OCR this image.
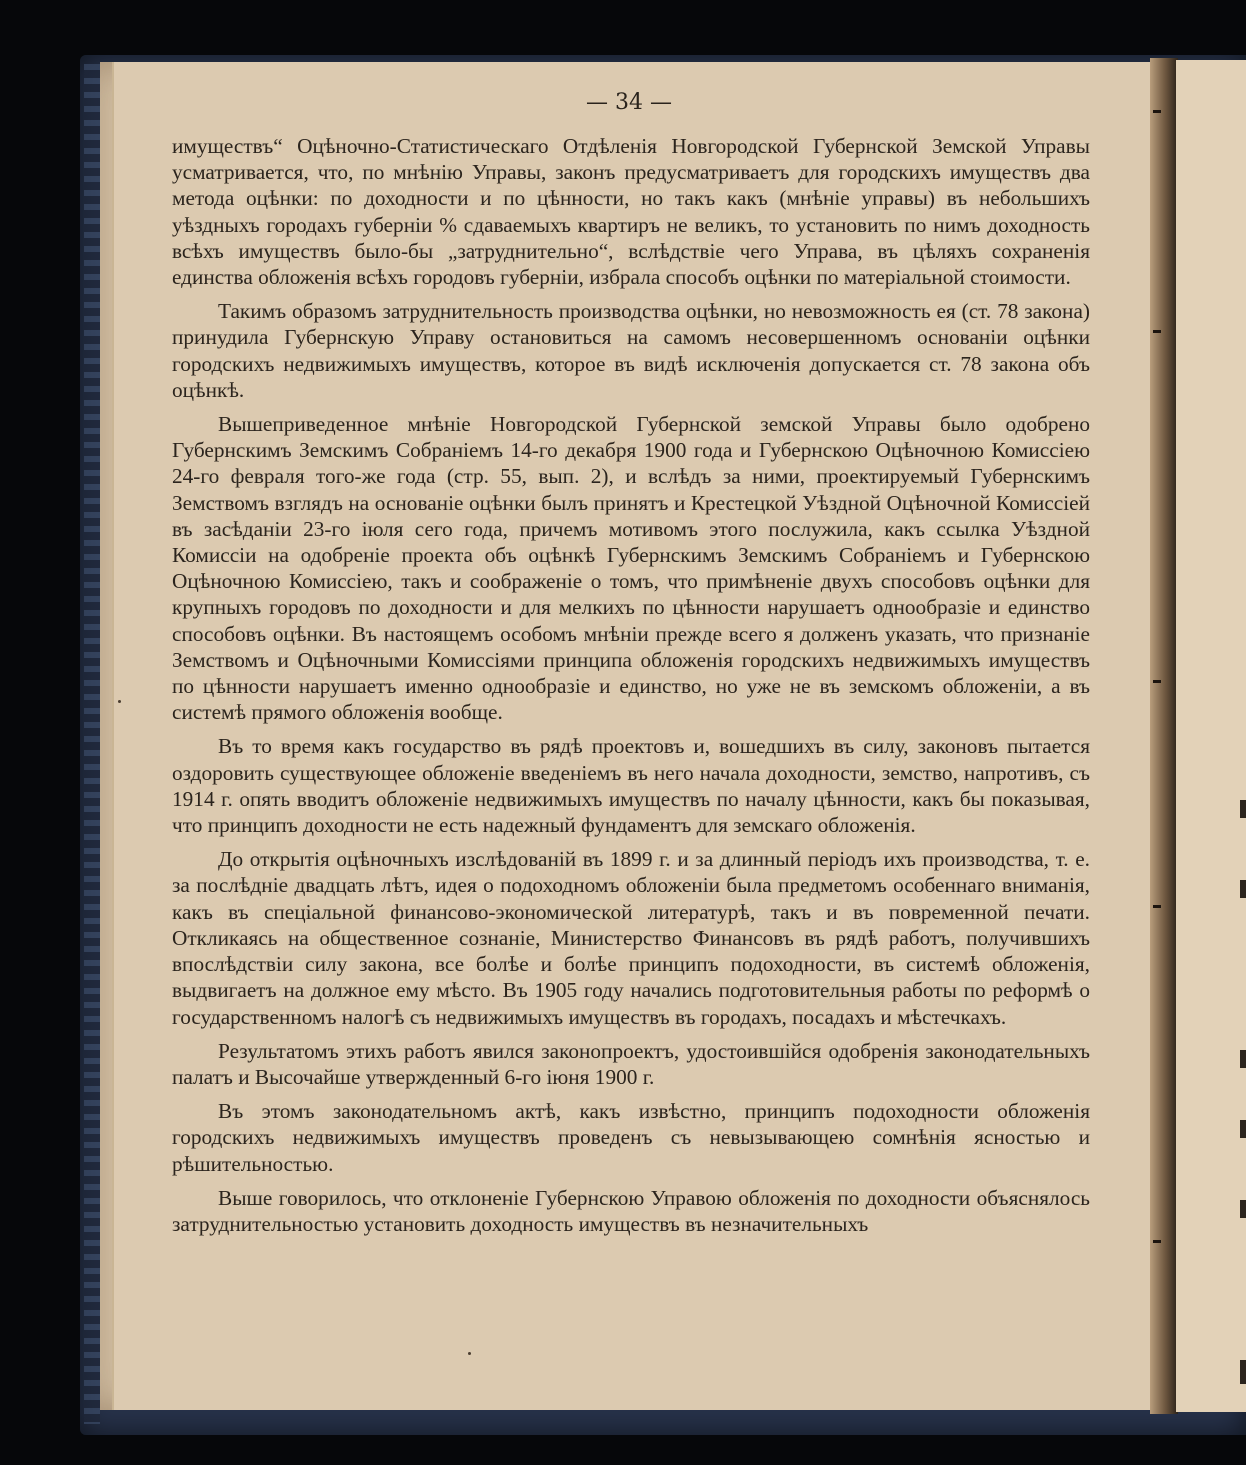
— 34 —

имуществъ“ Оцѣночно-Статистическаго Отдѣленія Новгородской Губернской Земской Управы усматривается, что, по мнѣнію Управы, законъ предусматриваетъ для городскихъ имуществъ два метода оцѣнки: по доходности и по цѣнности, но такъ какъ (мнѣніе управы) въ небольшихъ уѣздныхъ городахъ губерніи % сдаваемыхъ квартиръ не великъ, то установить по нимъ доходность всѣхъ имуществъ было-бы „затруднительно“, вслѣдствіе чего Управа, въ цѣляхъ сохраненія единства обложенія всѣхъ городовъ губерніи, избрала способъ оцѣнки по матеріальной стоимости.

Такимъ образомъ затруднительность производства оцѣнки, но невозможность ея (ст. 78 закона) принудила Губернскую Управу остановиться на самомъ несовершенномъ основаніи оцѣнки городскихъ недвижимыхъ имуществъ, которое въ видѣ исключенія допускается ст. 78 закона объ оцѣнкѣ.

Вышеприведенное мнѣніе Новгородской Губернской земской Управы было одобрено Губернскимъ Земскимъ Собраніемъ 14-го декабря 1900 года и Губернскою Оцѣночною Комиссіею 24-го февраля того-же года (стр. 55, вып. 2), и вслѣдъ за ними, проектируемый Губернскимъ Земствомъ взглядъ на основаніе оцѣнки былъ принятъ и Крестецкой Уѣздной Оцѣночной Комиссіей въ засѣданіи 23-го іюля сего года, причемъ мотивомъ этого послужила, какъ ссылка Уѣздной Комиссіи на одобреніе проекта объ оцѣнкѣ Губернскимъ Земскимъ Собраніемъ и Губернскою Оцѣночною Комиссіею, такъ и соображеніе о томъ, что примѣненіе двухъ способовъ оцѣнки для крупныхъ городовъ по доходности и для мелкихъ по цѣнности нарушаетъ однообразіе и единство способовъ оцѣнки. Въ настоящемъ особомъ мнѣніи прежде всего я долженъ указать, что признаніе Земствомъ и Оцѣночными Комиссіями принципа обложенія городскихъ недвижимыхъ имуществъ по цѣнности нарушаетъ именно однообразіе и единство, но уже не въ земскомъ обложеніи, а въ системѣ прямого обложенія вообще.

Въ то время какъ государство въ рядѣ проектовъ и, вошедшихъ въ силу, законовъ пытается оздоровить существующее обложеніе введеніемъ въ него начала доходности, земство, напротивъ, съ 1914 г. опять вводитъ обложеніе недвижимыхъ имуществъ по началу цѣнности, какъ бы показывая, что принципъ доходности не есть надежный фундаментъ для земскаго обложенія.

До открытія оцѣночныхъ изслѣдованій въ 1899 г. и за длинный періодъ ихъ производства, т. е. за послѣдніе двадцать лѣтъ, идея о подоходномъ обложеніи была предметомъ особеннаго вниманія, какъ въ спеціальной финансово-экономической литературѣ, такъ и въ повременной печати. Откликаясь на общественное сознаніе, Министерство Финансовъ въ рядѣ работъ, получившихъ впослѣдствіи силу закона, все болѣе и болѣе принципъ подоходности, въ системѣ обложенія, выдвигаетъ на должное ему мѣсто. Въ 1905 году начались подготовительныя работы по реформѣ о государственномъ налогѣ съ недвижимыхъ имуществъ въ городахъ, посадахъ и мѣстечкахъ.

Результатомъ этихъ работъ явился законопроектъ, удостоившійся одобренія законодательныхъ палатъ и Высочайше утвержденный 6-го іюня 1900 г.

Въ этомъ законодательномъ актѣ, какъ извѣстно, принципъ подоходности обложенія городскихъ недвижимыхъ имуществъ проведенъ съ невызывающею сомнѣнія ясностью и рѣшительностью.

Выше говорилось, что отклоненіе Губернскою Управою обложенія по доходности объяснялось затруднительностью установить доходность имуществъ въ незначительныхъ
